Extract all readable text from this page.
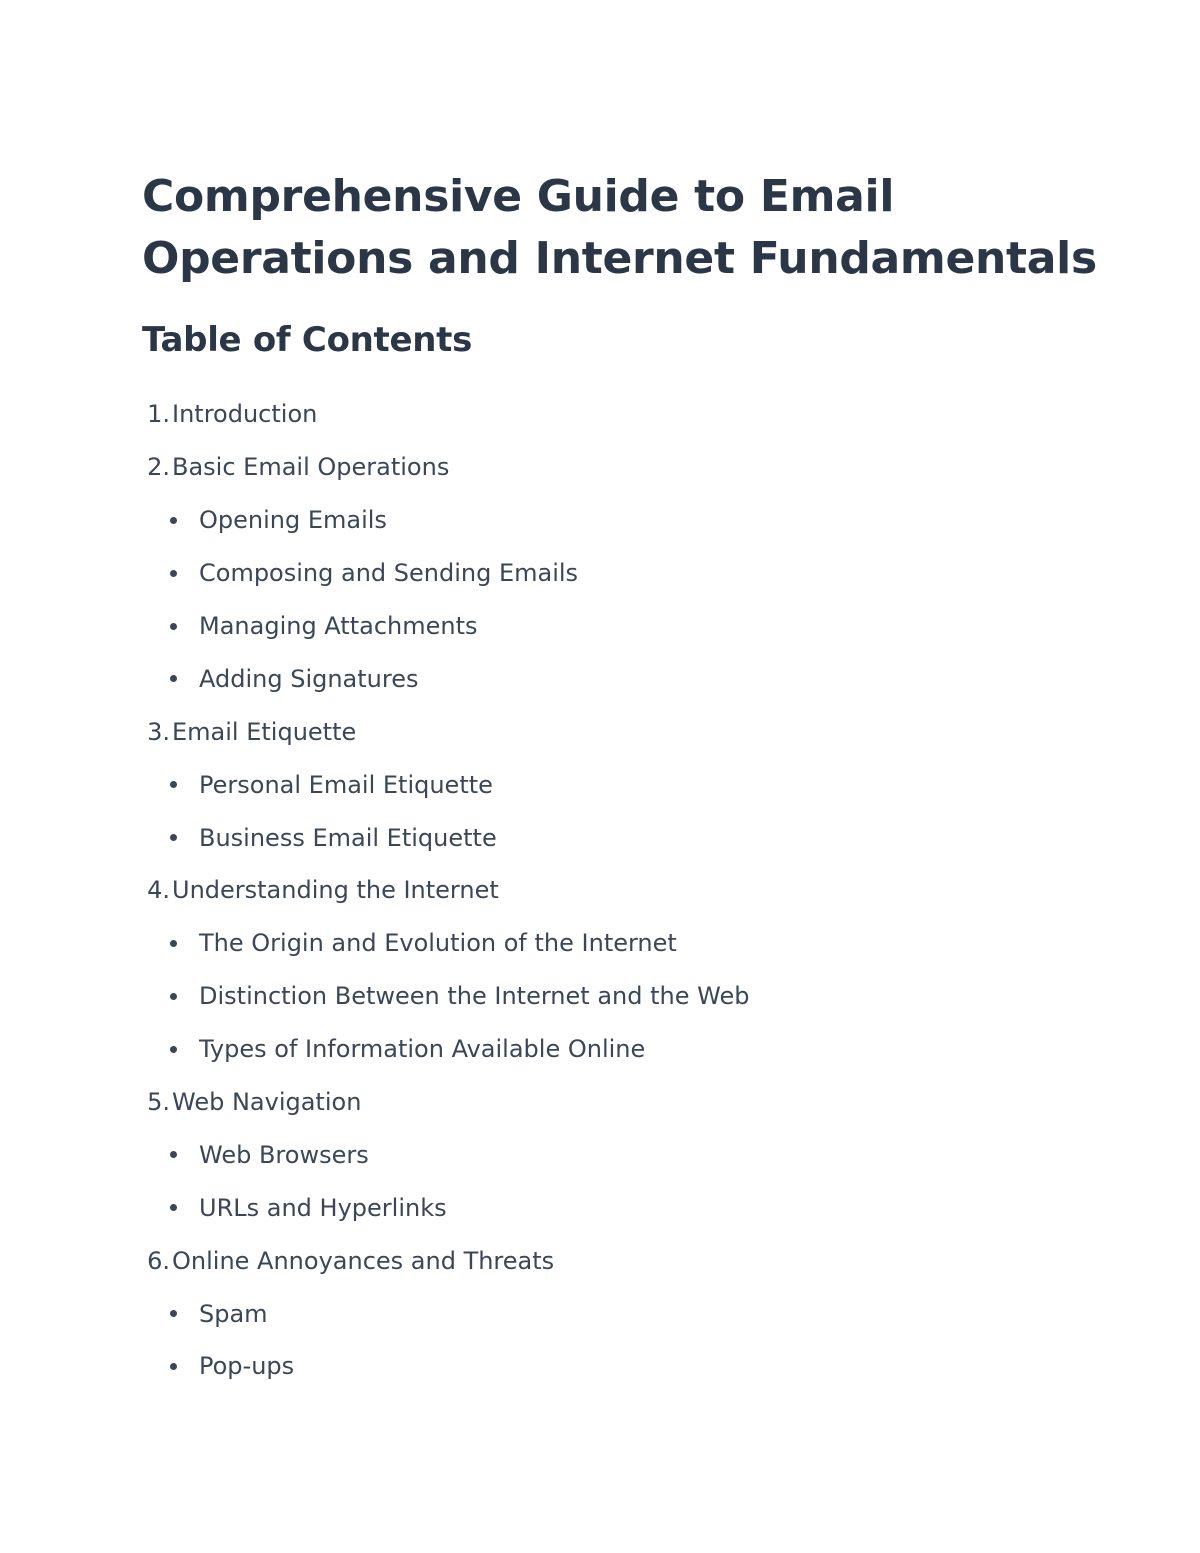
Comprehensive Guide to Email Operations and Internet Fundamentals
Table of Contents
1. Introduction
2. Basic Email Operations
Opening Emails
Composing and Sending Emails
Managing Attachments
Adding Signatures
3. Email Etiquette
Personal Email Etiquette
Business Email Etiquette
4. Understanding the Internet
The Origin and Evolution of the Internet
Distinction Between the Internet and the Web
Types of Information Available Online
5. Web Navigation
Web Browsers
URLs and Hyperlinks
6. Online Annoyances and Threats
Spam
Pop-ups
